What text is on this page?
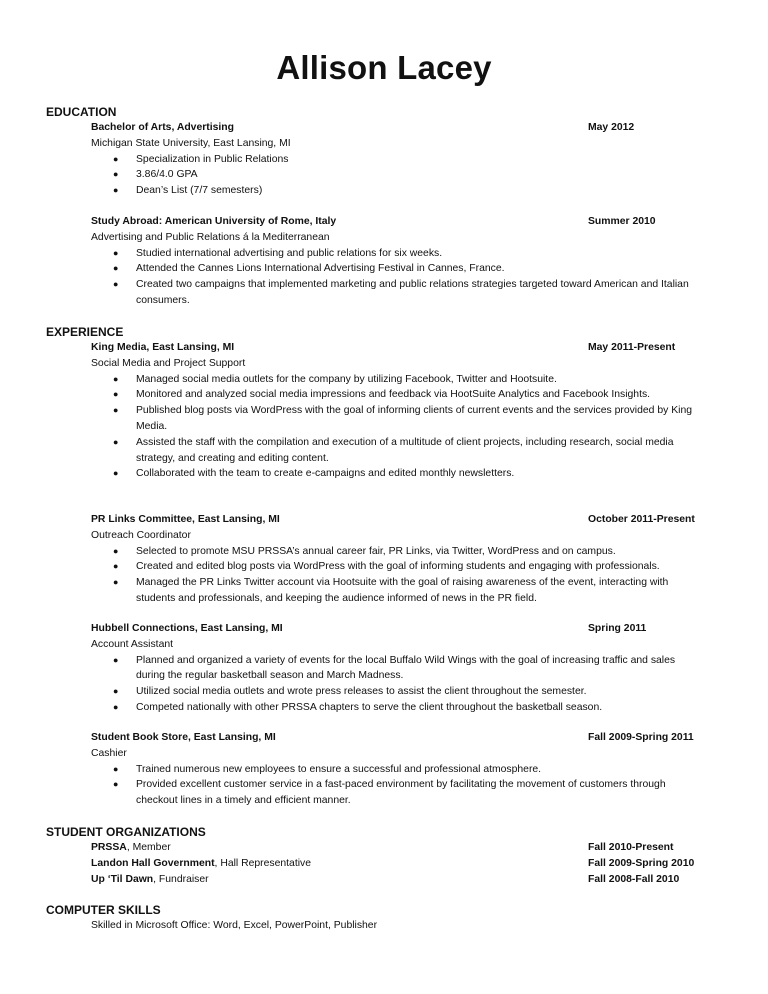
Allison Lacey
EDUCATION
Bachelor of Arts, Advertising	May 2012
Michigan State University, East Lansing, MI
● Specialization in Public Relations
● 3.86/4.0 GPA
● Dean’s List (7/7 semesters)
Study Abroad: American University of Rome, Italy	Summer 2010
Advertising and Public Relations á la Mediterranean
● Studied international advertising and public relations for six weeks.
● Attended the Cannes Lions International Advertising Festival in Cannes, France.
● Created two campaigns that implemented marketing and public relations strategies targeted toward American and Italian consumers.
EXPERIENCE
King Media, East Lansing, MI	May 2011-Present
Social Media and Project Support
● Managed social media outlets for the company by utilizing Facebook, Twitter and Hootsuite.
● Monitored and analyzed social media impressions and feedback via HootSuite Analytics and Facebook Insights.
● Published blog posts via WordPress with the goal of informing clients of current events and the services provided by King Media.
● Assisted the staff with the compilation and execution of a multitude of client projects, including research, social media strategy, and creating and editing content.
● Collaborated with the team to create e-campaigns and edited monthly newsletters.
PR Links Committee, East Lansing, MI	October 2011-Present
Outreach Coordinator
● Selected to promote MSU PRSSA’s annual career fair, PR Links, via Twitter, WordPress and on campus.
● Created and edited blog posts via WordPress with the goal of informing students and engaging with professionals.
● Managed the PR Links Twitter account via Hootsuite with the goal of raising awareness of the event, interacting with students and professionals, and keeping the audience informed of news in the PR field.
Hubbell Connections, East Lansing, MI	Spring 2011
Account Assistant
● Planned and organized a variety of events for the local Buffalo Wild Wings with the goal of increasing traffic and sales during the regular basketball season and March Madness.
● Utilized social media outlets and wrote press releases to assist the client throughout the semester.
● Competed nationally with other PRSSA chapters to serve the client throughout the basketball season.
Student Book Store, East Lansing, MI	Fall 2009-Spring 2011
Cashier
● Trained numerous new employees to ensure a successful and professional atmosphere.
● Provided excellent customer service in a fast-paced environment by facilitating the movement of customers through checkout lines in a timely and efficient manner.
STUDENT ORGANIZATIONS
PRSSA, Member	Fall 2010-Present
Landon Hall Government, Hall Representative	Fall 2009-Spring 2010
Up ‘Til Dawn, Fundraiser	Fall 2008-Fall 2010
COMPUTER SKILLS
Skilled in Microsoft Office: Word, Excel, PowerPoint, Publisher
